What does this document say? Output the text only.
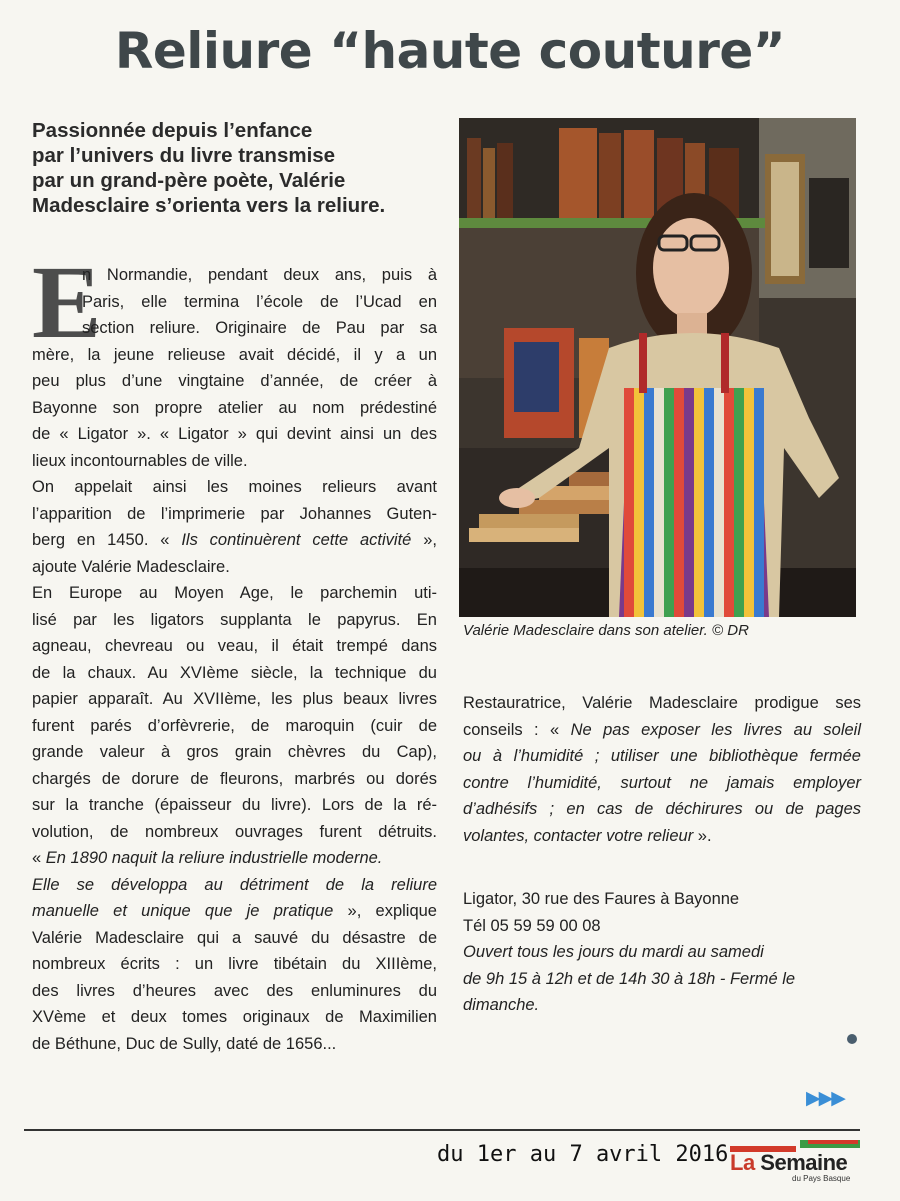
Reliure “haute couture”
Passionnée depuis l’enfance
par l’univers du livre transmise
par un grand-père poète, Valérie
Madesclaire s’orienta vers la reliure.
E
n Normandie, pendant deux ans, puis à
Paris, elle termina l’école de l’Ucad en
section reliure. Originaire de Pau par sa
mère, la jeune relieuse avait décidé, il y a un
peu plus d’une vingtaine d’année, de créer à
Bayonne son propre atelier au nom prédestiné
de « Ligator ». « Ligator » qui devint ainsi un des
lieux incontournables de ville.
On appelait ainsi les moines relieurs avant
l’apparition de l’imprimerie par Johannes Guten-
berg en 1450. « Ils continuèrent cette activité »,
ajoute Valérie Madesclaire.
En Europe au Moyen Age, le parchemin uti-
lisé par les ligators supplanta le papyrus. En
agneau, chevreau ou veau, il était trempé dans
de la chaux. Au XVIème siècle, la technique du
papier apparaît. Au XVIIème, les plus beaux livres
furent parés d’orfèvrerie, de maroquin (cuir de
grande valeur à gros grain chèvres du Cap),
chargés de dorure de fleurons, marbrés ou dorés
sur la tranche (épaisseur du livre). Lors de la ré-
volution, de nombreux ouvrages furent détruits.
« En 1890 naquit la reliure industrielle moderne.
Elle se développa au détriment de la reliure
manuelle et unique que je pratique », explique
Valérie Madesclaire qui a sauvé du désastre de
nombreux écrits : un livre tibétain du XIIIème,
des livres d’heures avec des enluminures du
XVème et deux tomes originaux de Maximilien
de Béthune, Duc de Sully, daté de 1656...
Valérie Madesclaire dans son atelier. © DR
Restauratrice, Valérie Madesclaire prodigue ses
conseils : « Ne pas exposer les livres au soleil
ou à l’humidité ; utiliser une bibliothèque fermée
contre l’humidité, surtout ne jamais employer
d’adhésifs ; en cas de déchirures ou de pages
volantes, contacter votre relieur ».
Ligator, 30 rue des Faures à Bayonne
Tél 05 59 59 00 08
Ouvert tous les jours du mardi au samedi
de 9h 15 à 12h et de 14h 30 à 18h - Fermé le
dimanche.
▶▶▶
du 1er au 7 avril 2016 La Semaine
du Pays Basque
